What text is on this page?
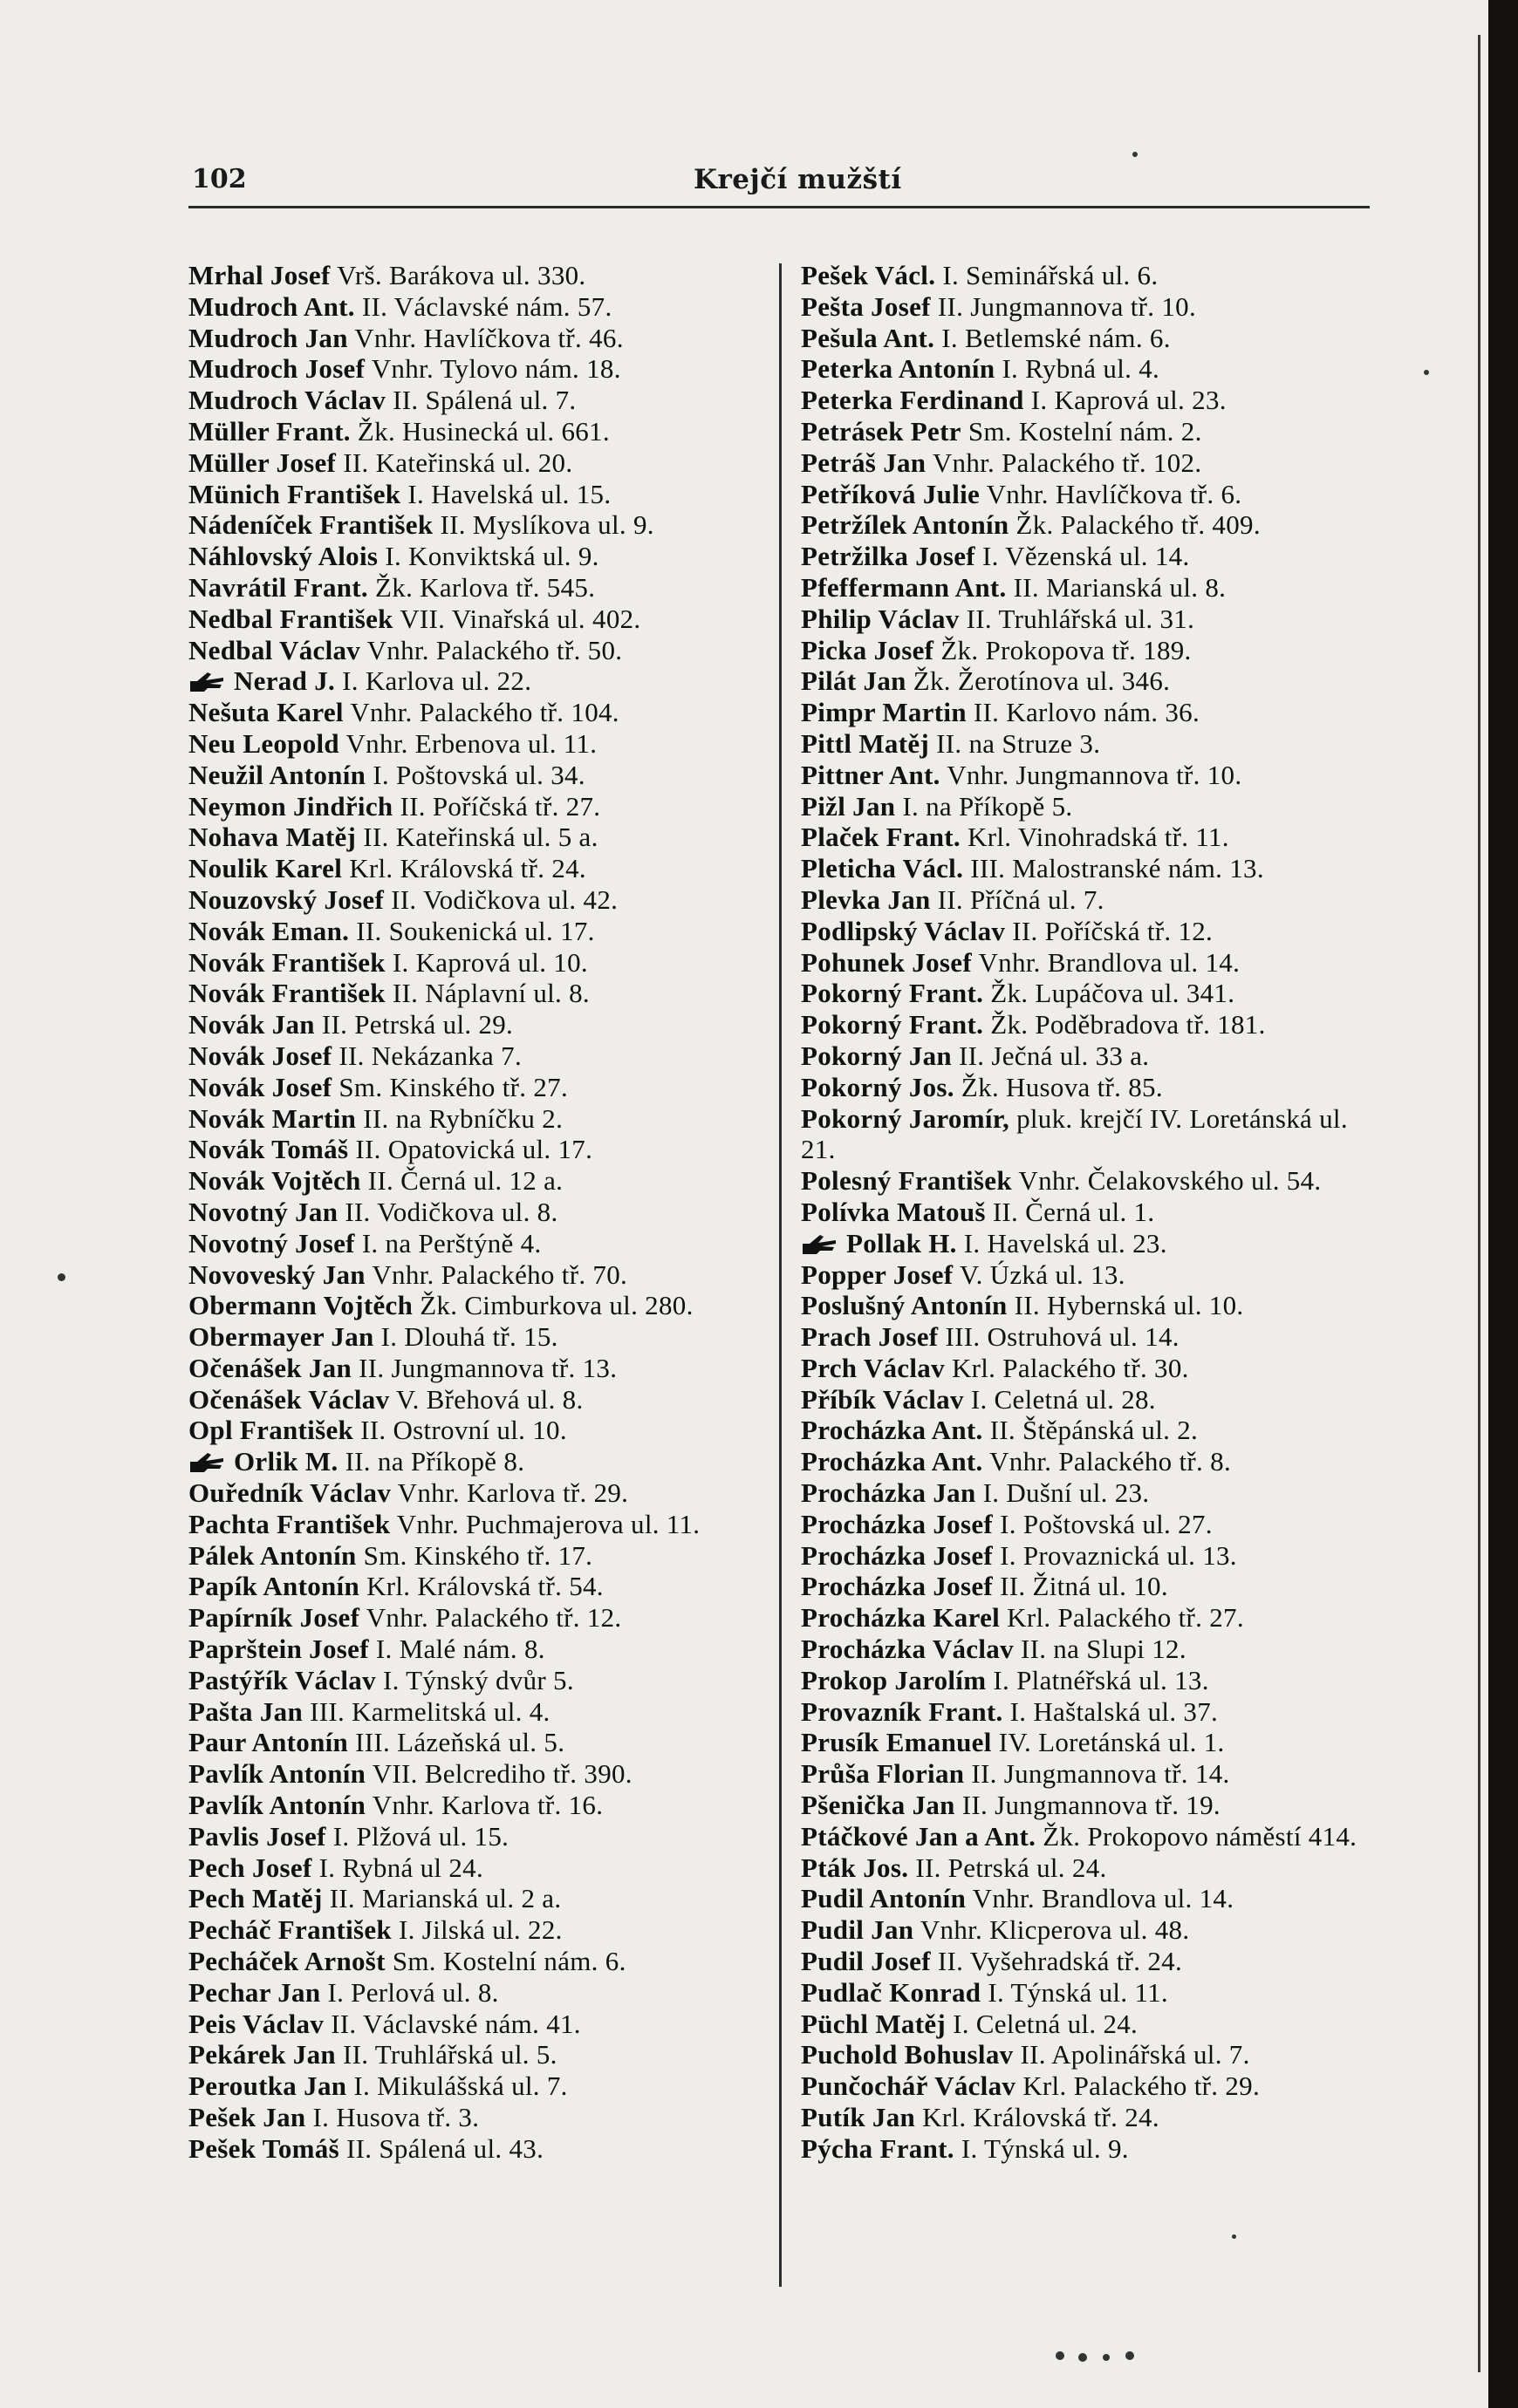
102	Krejčí mužští
Mrhal Josef Vrš. Barákova ul. 330.
Mudroch Ant. II. Václavské nám. 57.
Mudroch Jan Vnhr. Havlíčkova tř. 46.
Mudroch Josef Vnhr. Tylovo nám. 18.
Mudroch Václav II. Spálená ul. 7.
Müller Frant. Žk. Husinecká ul. 661.
Müller Josef II. Kateřinská ul. 20.
Münich František I. Havelská ul. 15.
Nádeníček František II. Myslíkova ul. 9.
Náhlovský Alois I. Konviktská ul. 9.
Navrátil Frant. Žk. Karlova tř. 545.
Nedbal František VII. Vinařská ul. 402.
Nedbal Václav Vnhr. Palackého tř. 50.
Nerad J. I. Karlova ul. 22.
Nešuta Karel Vnhr. Palackého tř. 104.
Neu Leopold Vnhr. Erbenova ul. 11.
Neužil Antonín I. Poštovská ul. 34.
Neymon Jindřich II. Poříčská tř. 27.
Nohava Matěj II. Kateřinská ul. 5 a.
Noulik Karel Krl. Královská tř. 24.
Nouzovský Josef II. Vodičkova ul. 42.
Novák Eman. II. Soukenická ul. 17.
Novák František I. Kaprová ul. 10.
Novák František II. Náplavní ul. 8.
Novák Jan II. Petrská ul. 29.
Novák Josef II. Nekázanka 7.
Novák Josef Sm. Kinského tř. 27.
Novák Martin II. na Rybníčku 2.
Novák Tomáš II. Opatovická ul. 17.
Novák Vojtěch II. Černá ul. 12 a.
Novotný Jan II. Vodičkova ul. 8.
Novotný Josef I. na Perštýně 4.
Novoveský Jan Vnhr. Palackého tř. 70.
Obermann Vojtěch Žk. Cimburkova ul. 280.
Obermayer Jan I. Dlouhá tř. 15.
Očenášek Jan II. Jungmannova tř. 13.
Očenášek Václav V. Břehová ul. 8.
Opl František II. Ostrovní ul. 10.
Orlik M. II. na Příkopě 8.
Ouředník Václav Vnhr. Karlova tř. 29.
Pachta František Vnhr. Puchmajerova ul. 11.
Pálek Antonín Sm. Kinského tř. 17.
Papík Antonín Krl. Královská tř. 54.
Papírník Josef Vnhr. Palackého tř. 12.
Paprštein Josef I. Malé nám. 8.
Pastýřík Václav I. Týnský dvůr 5.
Pašta Jan III. Karmelitská ul. 4.
Paur Antonín III. Lázeňská ul. 5.
Pavlík Antonín VII. Belcrediho tř. 390.
Pavlík Antonín Vnhr. Karlova tř. 16.
Pavlis Josef I. Plžová ul. 15.
Pech Josef I. Rybná ul 24.
Pech Matěj II. Marianská ul. 2 a.
Pecháč František I. Jilská ul. 22.
Pecháček Arnošt Sm. Kostelní nám. 6.
Pechar Jan I. Perlová ul. 8.
Peis Václav II. Václavské nám. 41.
Pekárek Jan II. Truhlářská ul. 5.
Peroutka Jan I. Mikulášská ul. 7.
Pešek Jan I. Husova tř. 3.
Pešek Tomáš II. Spálená ul. 43.
Pešek Václ. I. Seminářská ul. 6.
Pešta Josef II. Jungmannova tř. 10.
Pešula Ant. I. Betlemské nám. 6.
Peterka Antonín I. Rybná ul. 4.
Peterka Ferdinand I. Kaprová ul. 23.
Petrásek Petr Sm. Kostelní nám. 2.
Petráš Jan Vnhr. Palackého tř. 102.
Petříková Julie Vnhr. Havlíčkova tř. 6.
Petržílek Antonín Žk. Palackého tř. 409.
Petržilka Josef I. Vězenská ul. 14.
Pfeffermann Ant. II. Marianská ul. 8.
Philip Václav II. Truhlářská ul. 31.
Picka Josef Žk. Prokopova tř. 189.
Pilát Jan Žk. Žerotínova ul. 346.
Pimpr Martin II. Karlovo nám. 36.
Pittl Matěj II. na Struze 3.
Pittner Ant. Vnhr. Jungmannova tř. 10.
Pižl Jan I. na Příkopě 5.
Plaček Frant. Krl. Vinohradská tř. 11.
Pleticha Václ. III. Malostranské nám. 13.
Plevka Jan II. Příčná ul. 7.
Podlipský Václav II. Poříčská tř. 12.
Pohunek Josef Vnhr. Brandlova ul. 14.
Pokorný Frant. Žk. Lupáčova ul. 341.
Pokorný Frant. Žk. Poděbradova tř. 181.
Pokorný Jan II. Ječná ul. 33 a.
Pokorný Jos. Žk. Husova tř. 85.
Pokorný Jaromír, pluk. krejčí IV. Loretánská ul. 21.
Polesný František Vnhr. Čelakovského ul. 54.
Polívka Matouš II. Černá ul. 1.
Pollak H. I. Havelská ul. 23.
Popper Josef V. Úzká ul. 13.
Poslušný Antonín II. Hybernská ul. 10.
Prach Josef III. Ostruhová ul. 14.
Prch Václav Krl. Palackého tř. 30.
Příbík Václav I. Celetná ul. 28.
Procházka Ant. II. Štěpánská ul. 2.
Procházka Ant. Vnhr. Palackého tř. 8.
Procházka Jan I. Dušní ul. 23.
Procházka Josef I. Poštovská ul. 27.
Procházka Josef I. Provaznická ul. 13.
Procházka Josef II. Žitná ul. 10.
Procházka Karel Krl. Palackého tř. 27.
Procházka Václav II. na Slupi 12.
Prokop Jarolím I. Platnéřská ul. 13.
Provazník Frant. I. Haštalská ul. 37.
Prusík Emanuel IV. Loretánská ul. 1.
Průša Florian II. Jungmannova tř. 14.
Pšenička Jan II. Jungmannova tř. 19.
Ptáčkové Jan a Ant. Žk. Prokopovo náměstí 414.
Pták Jos. II. Petrská ul. 24.
Pudil Antonín Vnhr. Brandlova ul. 14.
Pudil Jan Vnhr. Klicperova ul. 48.
Pudil Josef II. Vyšehradská tř. 24.
Pudlač Konrad I. Týnská ul. 11.
Püchl Matěj I. Celetná ul. 24.
Puchold Bohuslav II. Apolinářská ul. 7.
Punčochář Václav Krl. Palackého tř. 29.
Putík Jan Krl. Královská tř. 24.
Pýcha Frant. I. Týnská ul. 9.
